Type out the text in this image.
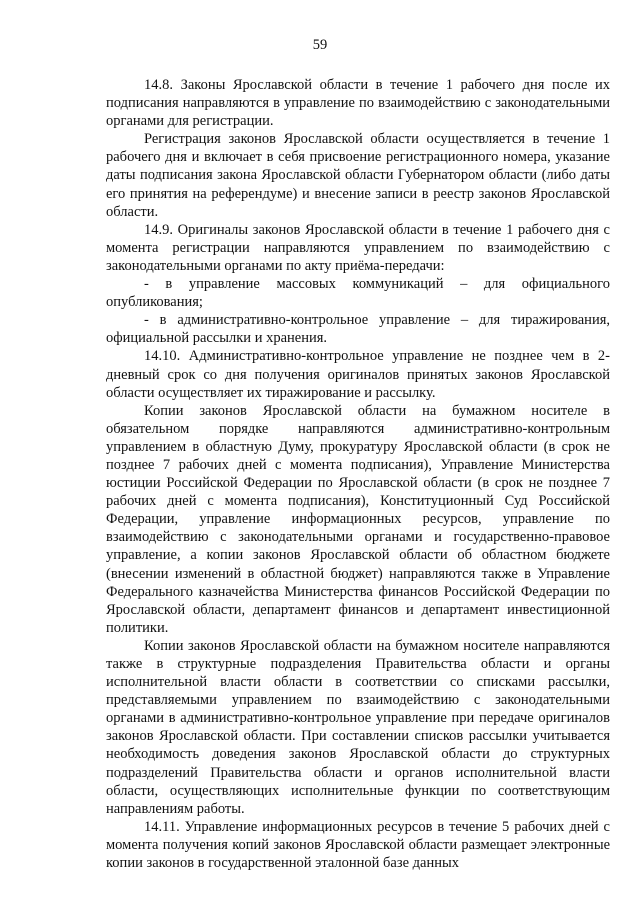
59

14.8. Законы Ярославской области в течение 1 рабочего дня после их подписания направляются в управление по взаимодействию с законодательными органами для регистрации.

Регистрация законов Ярославской области осуществляется в течение 1 рабочего дня и включает в себя присвоение регистрационного номера, указание даты подписания закона Ярославской области Губернатором области (либо даты его принятия на референдуме) и внесение записи в реестр законов Ярославской области.

14.9. Оригиналы законов Ярославской области в течение 1 рабочего дня с момента регистрации направляются управлением по взаимодействию с законодательными органами по акту приёма-передачи:

- в управление массовых коммуникаций – для официального опубликования;

- в административно-контрольное управление – для тиражирования, официальной рассылки и хранения.

14.10. Административно-контрольное управление не позднее чем в 2-дневный срок со дня получения оригиналов принятых законов Ярославской области осуществляет их тиражирование и рассылку.

Копии законов Ярославской области на бумажном носителе в обязательном порядке направляются административно-контрольным управлением в областную Думу, прокуратуру Ярославской области (в срок не позднее 7 рабочих дней с момента подписания), Управление Министерства юстиции Российской Федерации по Ярославской области (в срок не позднее 7 рабочих дней с момента подписания), Конституционный Суд Российской Федерации, управление информационных ресурсов, управление по взаимодействию с законодательными органами и государственно-правовое управление, а копии законов Ярославской области об областном бюджете (внесении изменений в областной бюджет) направляются также в Управление Федерального казначейства Министерства финансов Российской Федерации по Ярославской области, департамент финансов и департамент инвестиционной политики.

Копии законов Ярославской области на бумажном носителе направляются также в структурные подразделения Правительства области и органы исполнительной власти области в соответствии со списками рассылки, представляемыми управлением по взаимодействию с законодательными органами в административно-контрольное управление при передаче оригиналов законов Ярославской области. При составлении списков рассылки учитывается необходимость доведения законов Ярославской области до структурных подразделений Правительства области и органов исполнительной власти области, осуществляющих исполнительные функции по соответствующим направлениям работы.

14.11. Управление информационных ресурсов в течение 5 рабочих дней с момента получения копий законов Ярославской области размещает электронные копии законов в государственной эталонной базе данных
